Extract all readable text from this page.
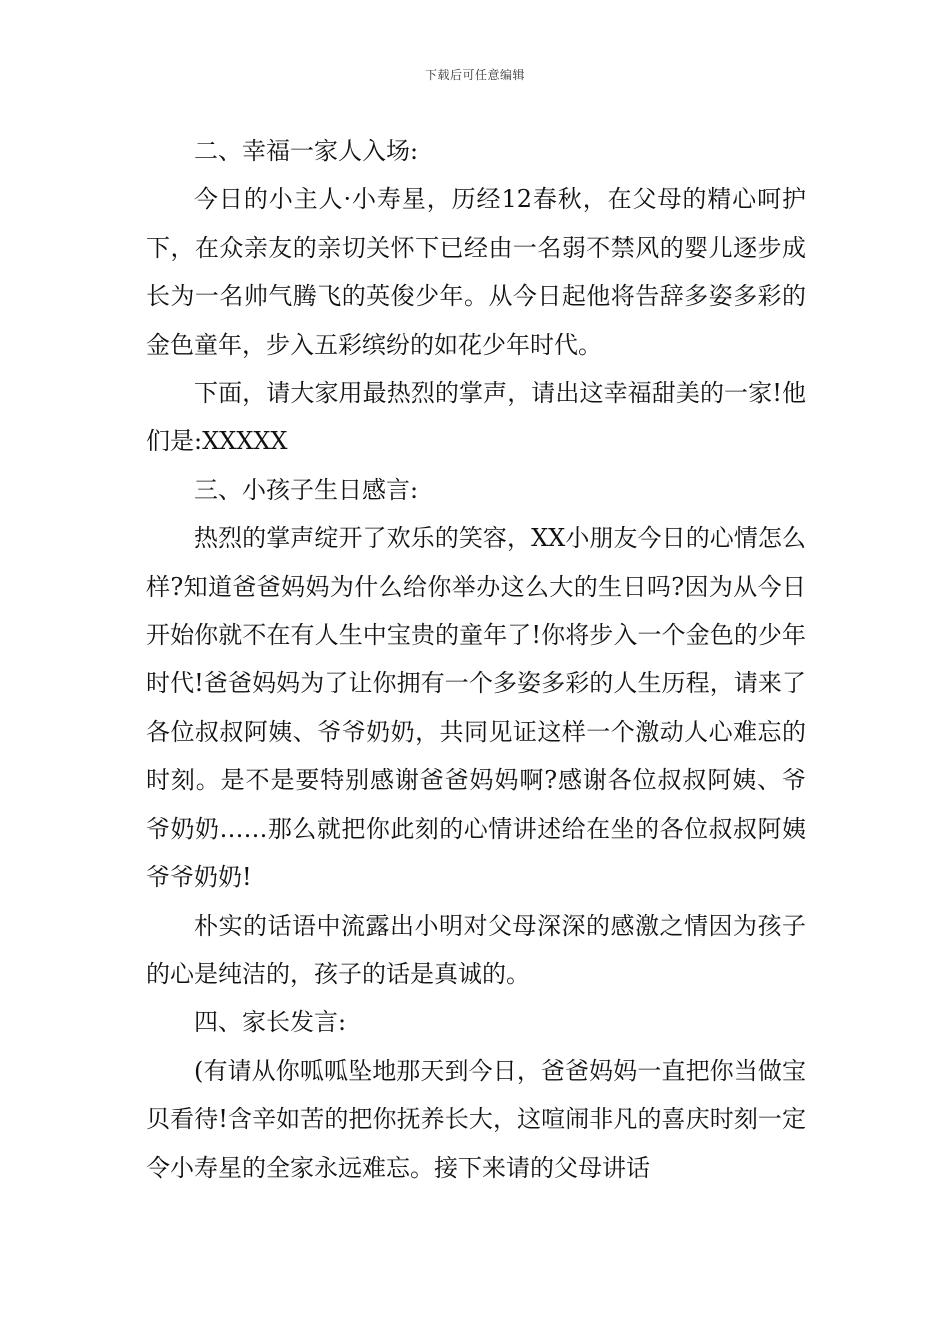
下载后可任意编辑

二、幸福一家人入场:

今日的小主人·小寿星，历经12春秋，在父母的精心呵护下，在众亲友的亲切关怀下已经由一名弱不禁风的婴儿逐步成长为一名帅气腾飞的英俊少年。从今日起他将告辞多姿多彩的金色童年，步入五彩缤纷的如花少年时代。

下面，请大家用最热烈的掌声，请出这幸福甜美的一家!他们是:XXXXX

三、小孩子生日感言:

热烈的掌声绽开了欢乐的笑容，XX小朋友今日的心情怎么样?知道爸爸妈妈为什么给你举办这么大的生日吗?因为从今日开始你就不在有人生中宝贵的童年了!你将步入一个金色的少年时代!爸爸妈妈为了让你拥有一个多姿多彩的人生历程，请来了各位叔叔阿姨、爷爷奶奶，共同见证这样一个激动人心难忘的时刻。是不是要特别感谢爸爸妈妈啊?感谢各位叔叔阿姨、爷爷奶奶……那么就把你此刻的心情讲述给在坐的各位叔叔阿姨爷爷奶奶!

朴实的话语中流露出小明对父母深深的感激之情因为孩子的心是纯洁的，孩子的话是真诚的。

四、家长发言:

(有请从你呱呱坠地那天到今日，爸爸妈妈一直把你当做宝贝看待!含辛如苦的把你抚养长大，这喧闹非凡的喜庆时刻一定令小寿星的全家永远难忘。接下来请的父母讲话
